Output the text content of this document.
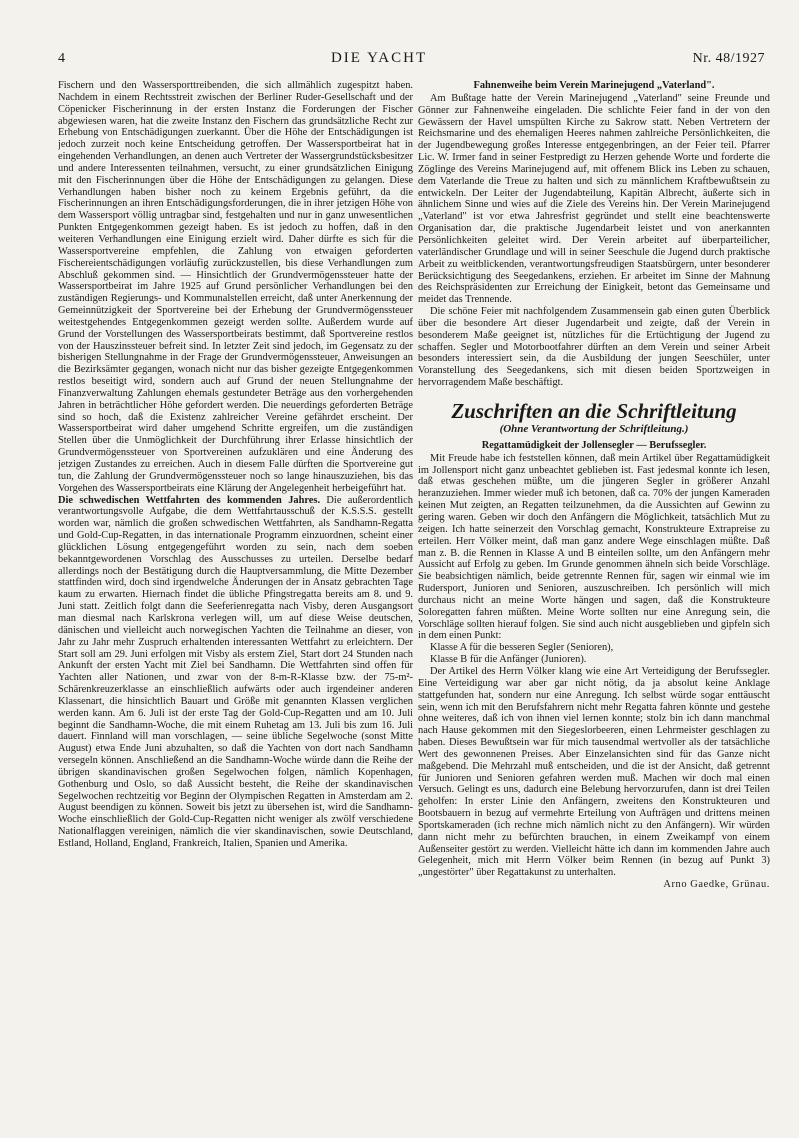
4	DIE YACHT	Nr. 48/1927

Fischern und den Wassersporttreibenden, die sich allmählich zugespitzt haben. Nachdem in einem Rechtsstreit zwischen der Berliner Ruder-Gesellschaft und der Cöpenicker Fischerinnung in der ersten Instanz die Forderungen der Fischer abgewiesen waren, hat die zweite Instanz den Fischern das grundsätzliche Recht zur Erhebung von Entschädigungen zuerkannt. Über die Höhe der Entschädigungen ist jedoch zurzeit noch keine Entscheidung getroffen. Der Wassersportbeirat hat in eingehenden Verhandlungen, an denen auch Vertreter der Wassergrundstücksbesitzer und andere Interessenten teilnahmen, versucht, zu einer grundsätzlichen Einigung mit den Fischerinnungen über die Höhe der Entschädigungen zu gelangen. Diese Verhandlungen haben bisher noch zu keinem Ergebnis geführt, da die Fischerinnungen an ihren Entschädigungsforderungen, die in ihrer jetzigen Höhe von dem Wassersport völlig untragbar sind, festgehalten und nur in ganz unwesentlichen Punkten Entgegenkommen gezeigt haben. Es ist jedoch zu hoffen, daß in den weiteren Verhandlungen eine Einigung erzielt wird. Daher dürfte es sich für die Wassersportvereine empfehlen, die Zahlung von etwaigen geforderten Fischereientschädigungen vorläufig zurückzustellen, bis diese Verhandlungen zum Abschluß gekommen sind. — Hinsichtlich der Grundvermögenssteuer hatte der Wassersportbeirat im Jahre 1925 auf Grund persönlicher Verhandlungen bei den zuständigen Regierungs- und Kommunalstellen erreicht, daß unter Anerkennung der Gemeinnützigkeit der Sportvereine bei der Erhebung der Grundvermögenssteuer weitestgehendes Entgegenkommen gezeigt werden sollte. Außerdem wurde auf Grund der Vorstellungen des Wassersportbeirats bestimmt, daß Sportvereine restlos von der Hauszinssteuer befreit sind. In letzter Zeit sind jedoch, im Gegensatz zu der bisherigen Stellungnahme in der Frage der Grundvermögenssteuer, Anweisungen an die Bezirksämter gegangen, wonach nicht nur das bisher gezeigte Entgegenkommen restlos beseitigt wird, sondern auch auf Grund der neuen Stellungnahme der Finanzverwaltung Zahlungen ehemals gestundeter Beträge aus den vorhergehenden Jahren in beträchtlicher Höhe gefordert werden. Die neuerdings geforderten Beträge sind so hoch, daß die Existenz zahlreicher Vereine gefährdet erscheint. Der Wassersportbeirat wird daher umgehend Schritte ergreifen, um die zuständigen Stellen über die Unmöglichkeit der Durchführung ihrer Erlasse hinsichtlich der Grundvermögenssteuer von Sportvereinen aufzuklären und eine Änderung des jetzigen Zustandes zu erreichen. Auch in diesem Falle dürften die Sportvereine gut tun, die Zahlung der Grundvermögenssteuer noch so lange hinauszuziehen, bis das Vorgehen des Wassersportbeirats eine Klärung der Angelegenheit herbeigeführt hat.

Die schwedischen Wettfahrten des kommenden Jahres. Die außerordentlich verantwortungsvolle Aufgabe, die dem Wettfahrtausschuß der K.S.S.S. gestellt worden war, nämlich die großen schwedischen Wettfahrten, als Sandhamn-Regatta und Gold-Cup-Regatten, in das internationale Programm einzuordnen, scheint einer glücklichen Lösung entgegengeführt worden zu sein, nach dem soeben bekanntgewordenen Vorschlag des Ausschusses zu urteilen. Derselbe bedarf allerdings noch der Bestätigung durch die Hauptversammlung, die Mitte Dezember stattfinden wird, doch sind irgendwelche Änderungen der in Ansatz gebrachten Tage kaum zu erwarten. Hiernach findet die übliche Pfingstregatta bereits am 8. und 9. Juni statt. Zeitlich folgt dann die Seeferienregatta nach Visby, deren Ausgangsort man diesmal nach Karlskrona verlegen will, um auf diese Weise deutschen, dänischen und vielleicht auch norwegischen Yachten die Teilnahme an dieser, von Jahr zu Jahr mehr Zuspruch erhaltenden interessanten Wettfahrt zu erleichtern. Der Start soll am 29. Juni erfolgen mit Visby als erstem Ziel, Start dort 24 Stunden nach Ankunft der ersten Yacht mit Ziel bei Sandhamn. Die Wettfahrten sind offen für Yachten aller Nationen, und zwar von der 8-m-R-Klasse bzw. der 75-m²-Schärenkreuzerklasse an einschließlich aufwärts oder auch irgendeiner anderen Klassenart, die hinsichtlich Bauart und Größe mit genannten Klassen verglichen werden kann. Am 6. Juli ist der erste Tag der Gold-Cup-Regatten und am 10. Juli beginnt die Sandhamn-Woche, die mit einem Ruhetag am 13. Juli bis zum 16. Juli dauert. Finnland will man vorschlagen, — seine übliche Segelwoche (sonst Mitte August) etwa Ende Juni abzuhalten, so daß die Yachten von dort nach Sandhamn versegeln können. Anschließend an die Sandhamn-Woche würde dann die Reihe der übrigen skandinavischen großen Segelwochen folgen, nämlich Kopenhagen, Gothenburg und Oslo, so daß Aussicht besteht, die Reihe der skandinavischen Segelwochen rechtzeitig vor Beginn der Olympischen Regatten in Amsterdam am 2. August beendigen zu können. Soweit bis jetzt zu übersehen ist, wird die Sandhamn-Woche einschließlich der Gold-Cup-Regatten nicht weniger als zwölf verschiedene Nationalflaggen vereinigen, nämlich die vier skandinavischen, sowie Deutschland, Estland, Holland, England, Frankreich, Italien, Spanien und Amerika.

Fahnenweihe beim Verein Marinejugend „Vaterland".

Am Bußtage hatte der Verein Marinejugend „Vaterland" seine Freunde und Gönner zur Fahnenweihe eingeladen. Die schlichte Feier fand in der von den Gewässern der Havel umspülten Kirche zu Sakrow statt. Neben Vertretern der Reichsmarine und des ehemaligen Heeres nahmen zahlreiche Persönlichkeiten, die der Jugendbewegung großes Interesse entgegenbringen, an der Feier teil. Pfarrer Lic. W. Irmer fand in seiner Festpredigt zu Herzen gehende Worte und forderte die Zöglinge des Vereins Marinejugend auf, mit offenem Blick ins Leben zu schauen, dem Vaterlande die Treue zu halten und sich zu männlichem Kraftbewußtsein zu entwickeln. Der Leiter der Jugendabteilung, Kapitän Albrecht, äußerte sich in ähnlichem Sinne und wies auf die Ziele des Vereins hin. Der Verein Marinejugend „Vaterland" ist vor etwa Jahresfrist gegründet und stellt eine beachtenswerte Organisation dar, die praktische Jugendarbeit leistet und von anerkannten Persönlichkeiten geleitet wird. Der Verein arbeitet auf überparteilicher, vaterländischer Grundlage und will in seiner Seeschule die Jugend durch praktische Arbeit zu weitblickenden, verantwortungsfreudigen Staatsbürgern, unter besonderer Berücksichtigung des Seegedankens, erziehen. Er arbeitet im Sinne der Mahnung des Reichspräsidenten zur Erreichung der Einigkeit, betont das Gemeinsame und meidet das Trennende.

Die schöne Feier mit nachfolgendem Zusammensein gab einen guten Überblick über die besondere Art dieser Jugendarbeit und zeigte, daß der Verein in besonderem Maße geeignet ist, nützliches für die Ertüchtigung der Jugend zu schaffen. Segler und Motorbootfahrer dürften an dem Verein und seiner Arbeit besonders interessiert sein, da die Ausbildung der jungen Seeschüler, unter Voranstellung des Seegedankens, sich mit diesen beiden Sportzweigen in hervorragendem Maße beschäftigt.

Zuschriften an die Schriftleitung
(Ohne Verantwortung der Schriftleitung.)
Regattamüdigkeit der Jollensegler — Berufssegler.

Mit Freude habe ich feststellen können, daß mein Artikel über Regattamüdigkeit im Jollensport nicht ganz unbeachtet geblieben ist. Fast jedesmal konnte ich lesen, daß etwas geschehen müßte, um die jüngeren Segler in größerer Anzahl heranzuziehen. Immer wieder muß ich betonen, daß ca. 70% der jungen Kameraden keinen Mut zeigten, an Regatten teilzunehmen, da die Aussichten auf Gewinn zu gering waren. Geben wir doch den Anfängern die Möglichkeit, tatsächlich Mut zu zeigen. Ich hatte seinerzeit den Vorschlag gemacht, Konstrukteure Extrapreise zu erteilen. Herr Völker meint, daß man ganz andere Wege einschlagen müßte. Daß man z. B. die Rennen in Klasse A und B einteilen sollte, um den Anfängern mehr Aussicht auf Erfolg zu geben. Im Grunde genommen ähneln sich beide Vorschläge. Sie beabsichtigen nämlich, beide getrennte Rennen für, sagen wir einmal wie im Rudersport, Junioren und Senioren, auszuschreiben. Ich persönlich will mich durchaus nicht an meine Worte hängen und sagen, daß die Konstrukteure Soloregatten fahren müßten. Meine Worte sollten nur eine Anregung sein, die Vorschläge sollten hierauf folgen. Sie sind auch nicht ausgeblieben und gipfeln sich in dem einen Punkt:

Klasse A für die besseren Segler (Senioren),

Klasse B für die Anfänger (Junioren).

Der Artikel des Herrn Völker klang wie eine Art Verteidigung der Berufssegler. Eine Verteidigung war aber gar nicht nötig, da ja absolut keine Anklage stattgefunden hat, sondern nur eine Anregung. Ich selbst würde sogar enttäuscht sein, wenn ich mit den Berufsfahrern nicht mehr Regatta fahren könnte und gestehe ohne weiteres, daß ich von ihnen viel lernen konnte; stolz bin ich dann manchmal nach Hause gekommen mit den Siegeslorbeeren, einen Lehrmeister geschlagen zu haben. Dieses Bewußtsein war für mich tausendmal wertvoller als der tatsächliche Wert des gewonnenen Preises. Aber Einzelansichten sind für das Ganze nicht maßgebend. Die Mehrzahl muß entscheiden, und die ist der Ansicht, daß getrennt für Junioren und Senioren gefahren werden muß. Machen wir doch mal einen Versuch. Gelingt es uns, dadurch eine Belebung hervorzurufen, dann ist drei Teilen geholfen: In erster Linie den Anfängern, zweitens den Konstrukteuren und Bootsbauern in bezug auf vermehrte Erteilung von Aufträgen und drittens meinen Sportskameraden (ich rechne mich nämlich nicht zu den Anfängern). Wir würden dann nicht mehr zu befürchten brauchen, in einem Zweikampf von einem Außenseiter gestört zu werden. Vielleicht hätte ich dann im kommenden Jahre auch Gelegenheit, mich mit Herrn Völker beim Rennen (in bezug auf Punkt 3) „ungestörter" über Regattakunst zu unterhalten.

Arno Gaedke, Grünau.
